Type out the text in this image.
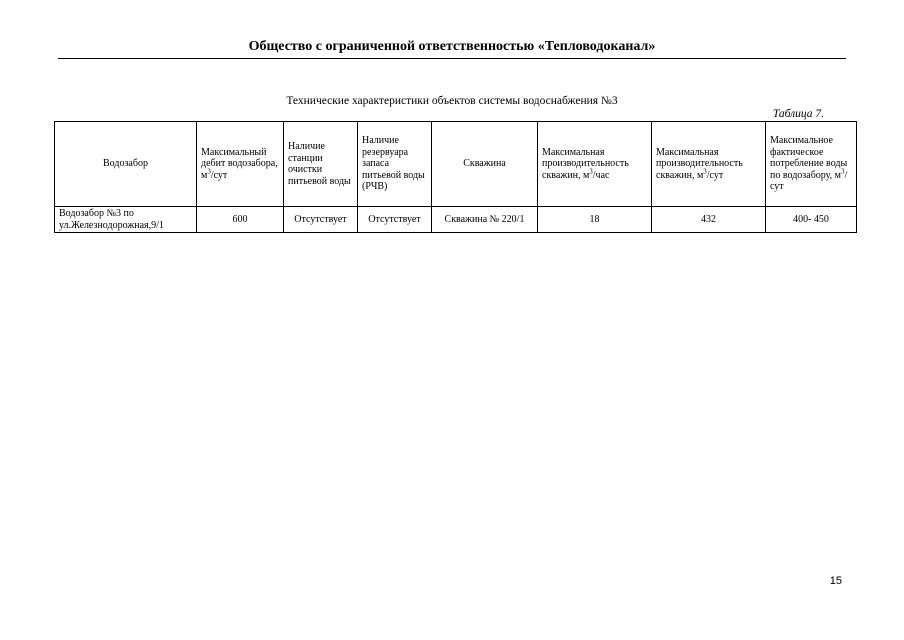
Общество с ограниченной ответственностью «Тепловодоканал»
Технические характеристики объектов системы водоснабжения №3
Таблица 7.
Водозабор	Максимальный дебит водозабора, $м^3$/сут	Наличие станции очистки питьевой воды	Наличие резервуара запаса питьевой воды (РЧВ)	Скважина	Максимальная производительность скважин, $м^3$/час	Максимальная производительность скважин, $м^3$/сут	Максимальное фактическое потребление воды по водозабору, $м^3$/сут
Водозабор №3 по ул.Железнодорожная,9/1	600	Отсутствует	Отсутствует	Скважина № 220/1	18	432	400- 450
15
